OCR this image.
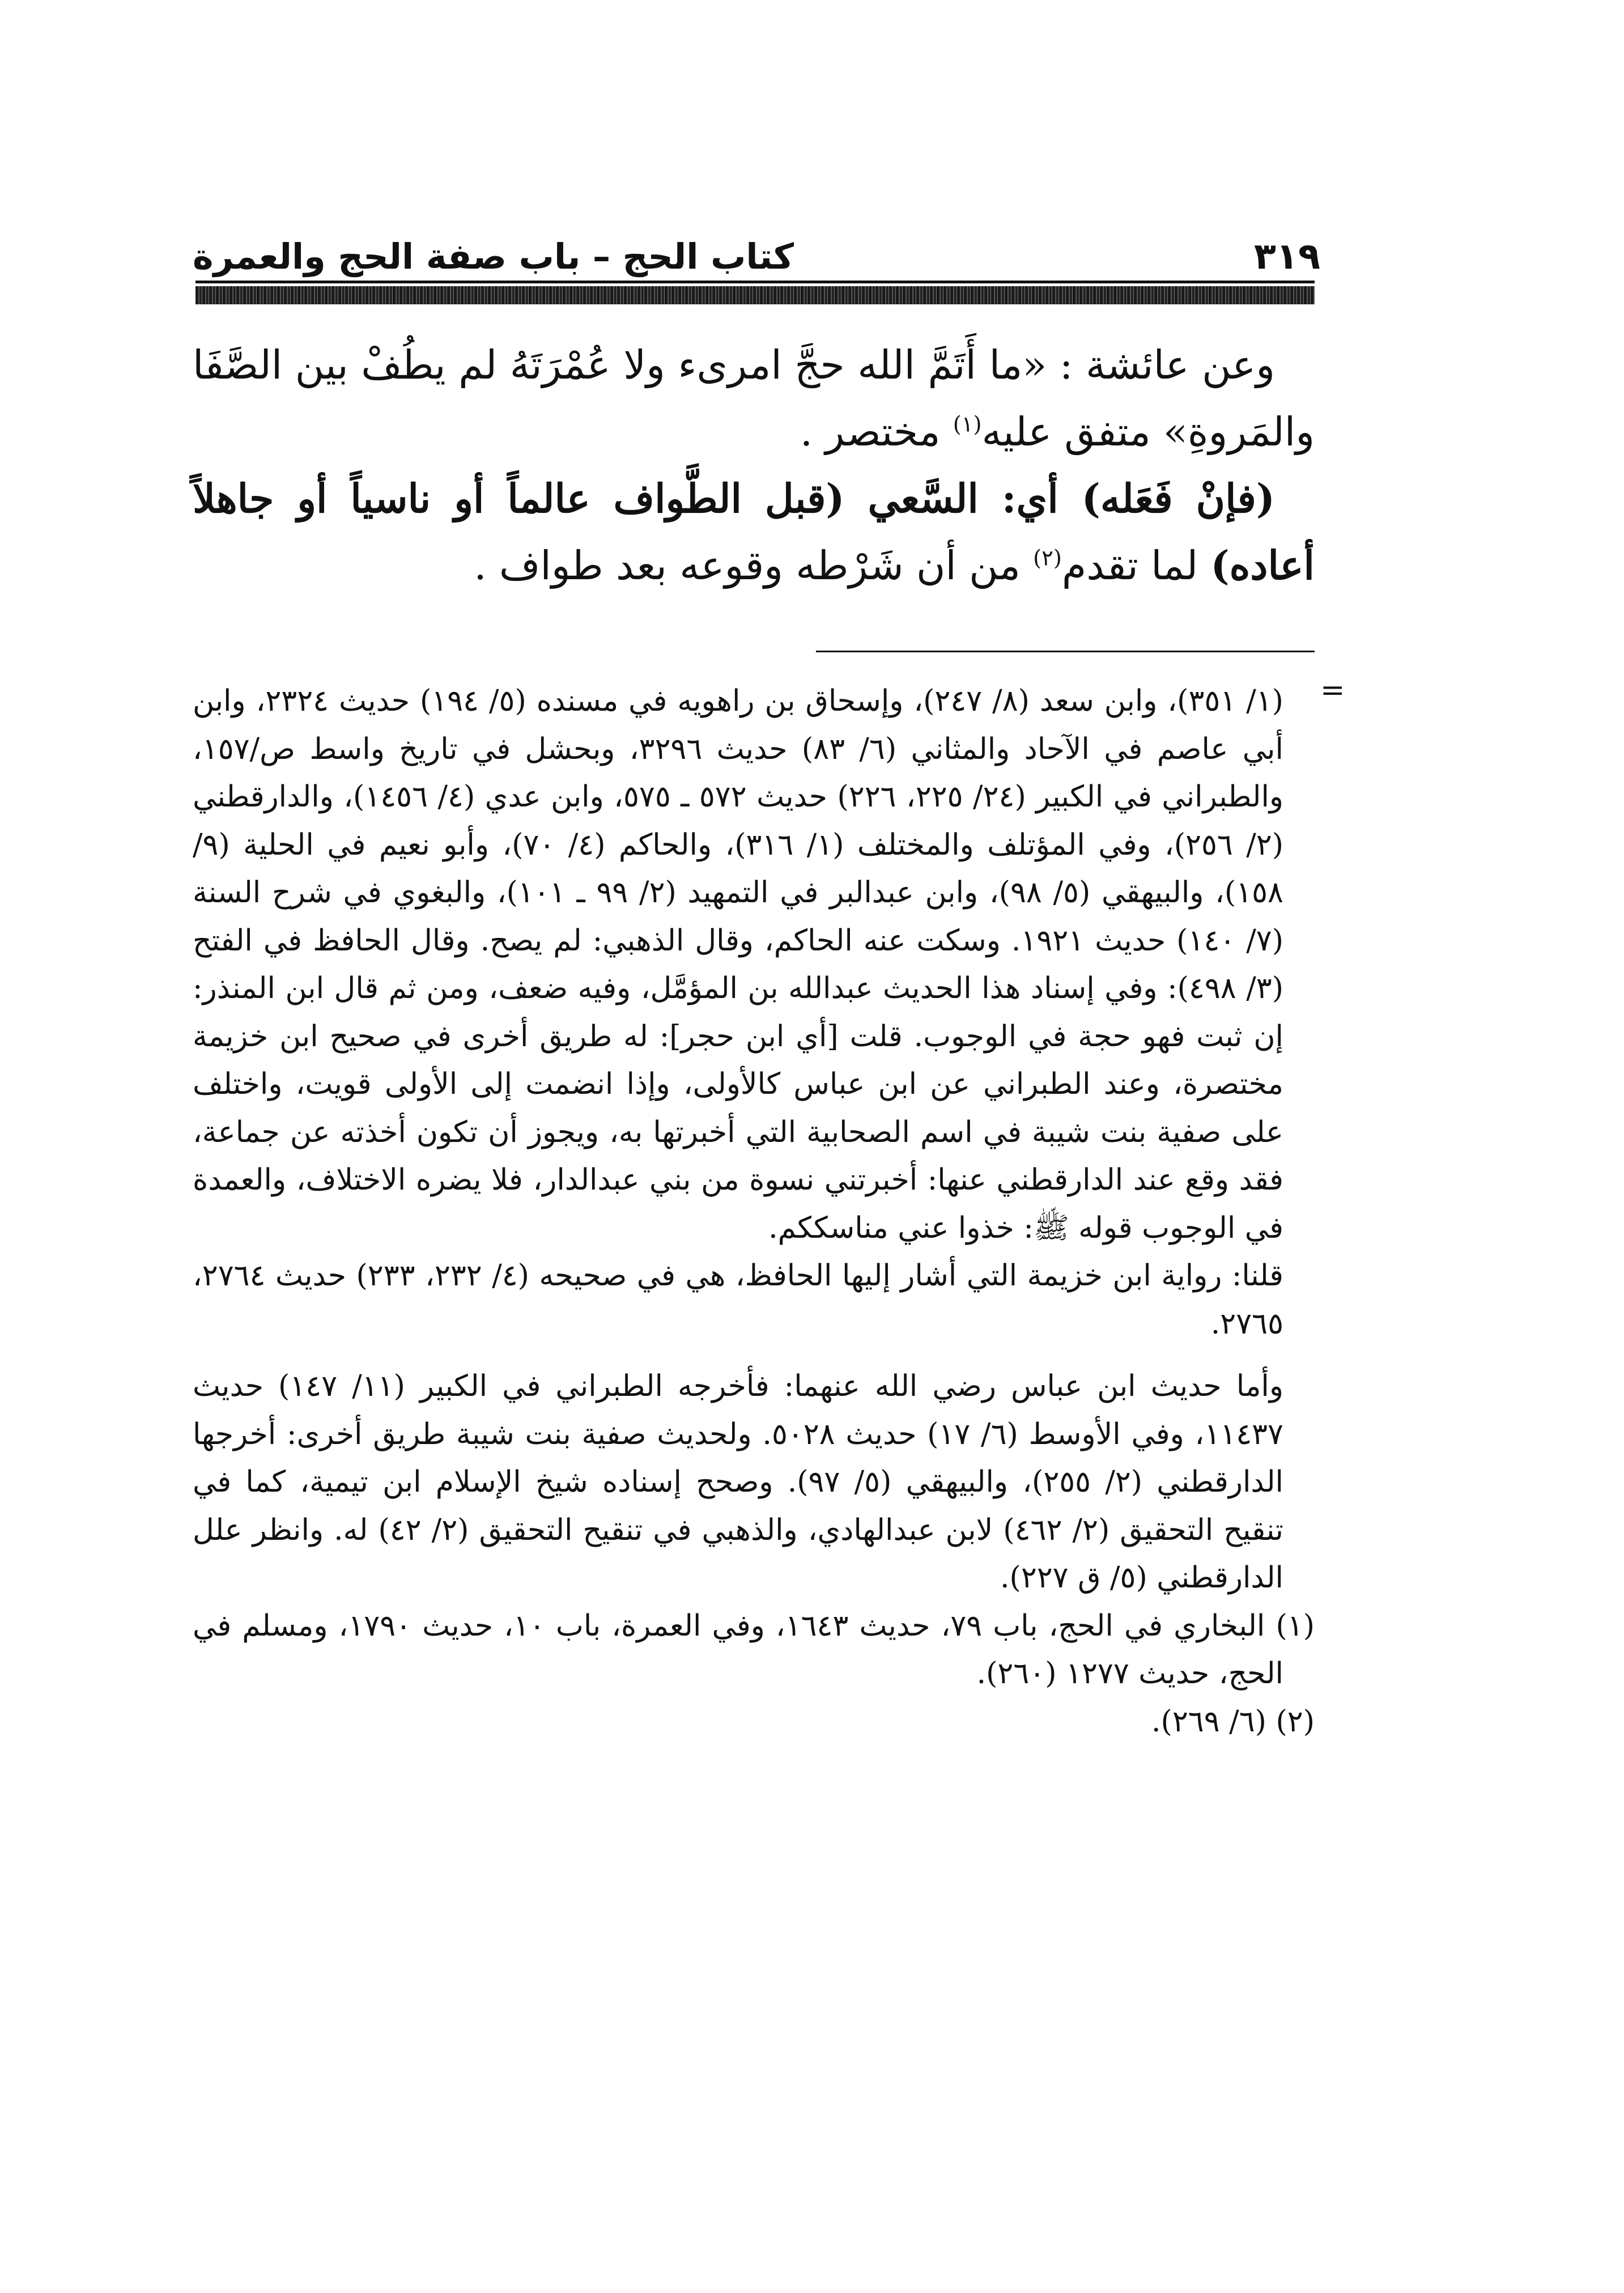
٣١٩
كتاب الحج – باب صفة الحج والعمرة

وعن عائشة : «ما أَتَمَّ الله حجَّ امرىء ولا عُمْرَتَهُ لم يطُفْ بين الصَّفَا والمَروةِ» متفق عليه$^{(١)}$ مختصر .

(فإنْ فَعَله) أي: السَّعي (قبل الطَّواف عالماً أو ناسياً أو جاهلاً أعاده) لما تقدم$^{(٢)}$ من أن شَرْطه وقوعه بعد طواف .

=

(١/ ٣٥١)، وابن سعد (٨/ ٢٤٧)، وإسحاق بن راهويه في مسنده (٥/ ١٩٤) حديث ٢٣٢٤، وابن أبي عاصم في الآحاد والمثاني (٦/ ٨٣) حديث ٣٢٩٦، وبحشل في تاريخ واسط ص/١٥٧، والطبراني في الكبير (٢٤/ ٢٢٥، ٢٢٦) حديث ٥٧٢ ـ ٥٧٥، وابن عدي (٤/ ١٤٥٦)، والدارقطني (٢/ ٢٥٦)، وفي المؤتلف والمختلف (١/ ٣١٦)، والحاكم (٤/ ٧٠)، وأبو نعيم في الحلية (٩/ ١٥٨)، والبيهقي (٥/ ٩٨)، وابن عبدالبر في التمهيد (٢/ ٩٩ ـ ١٠١)، والبغوي في شرح السنة (٧/ ١٤٠) حديث ١٩٢١. وسكت عنه الحاكم، وقال الذهبي: لم يصح. وقال الحافظ في الفتح (٣/ ٤٩٨): وفي إسناد هذا الحديث عبدالله بن المؤمَّل، وفيه ضعف، ومن ثم قال ابن المنذر: إن ثبت فهو حجة في الوجوب. قلت [أي ابن حجر]: له طريق أخرى في صحيح ابن خزيمة مختصرة، وعند الطبراني عن ابن عباس كالأولى، وإذا انضمت إلى الأولى قويت، واختلف على صفية بنت شيبة في اسم الصحابية التي أخبرتها به، ويجوز أن تكون أخذته عن جماعة، فقد وقع عند الدارقطني عنها: أخبرتني نسوة من بني عبدالدار، فلا يضره الاختلاف، والعمدة في الوجوب قوله ﷺ: خذوا عني مناسككم.

قلنا: رواية ابن خزيمة التي أشار إليها الحافظ، هي في صحيحه (٤/ ٢٣٢، ٢٣٣) حديث ٢٧٦٤، ٢٧٦٥.

وأما حديث ابن عباس رضي الله عنهما: فأخرجه الطبراني في الكبير (١١/ ١٤٧) حديث ١١٤٣٧، وفي الأوسط (٦/ ١٧) حديث ٥٠٢٨. ولحديث صفية بنت شيبة طريق أخرى: أخرجها الدارقطني (٢/ ٢٥٥)، والبيهقي (٥/ ٩٧). وصحح إسناده شيخ الإسلام ابن تيمية، كما في تنقيح التحقيق (٢/ ٤٦٢) لابن عبدالهادي، والذهبي في تنقيح التحقيق (٢/ ٤٢) له. وانظر علل الدارقطني (٥/ ق ٢٢٧).

(١) البخاري في الحج، باب ٧٩، حديث ١٦٤٣، وفي العمرة، باب ١٠، حديث ١٧٩٠، ومسلم في الحج، حديث ١٢٧٧ (٢٦٠).

(٢) (٦/ ٢٦٩).
